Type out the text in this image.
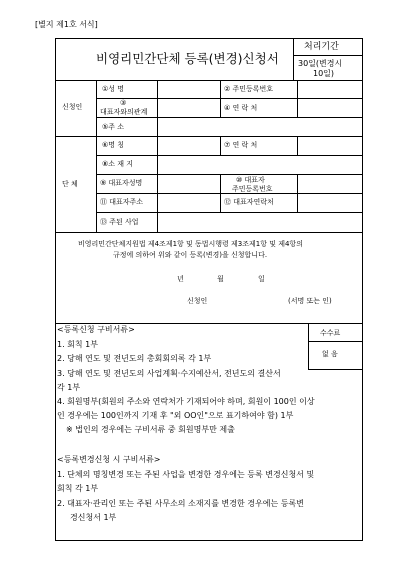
[별지 제1호 서식]
비영리민간단체 등록(변경)신청서
처리기간
30일(변경시
10일)
신청인
①성 명	② 주민등록번호
③
대표자와의관계	④ 연 락 처
⑤주 소
단 체
⑥명 칭	⑦ 연 락 처
⑧소 재 지
⑨ 대표자성명	⑩ 대표자
주민등록번호
⑪ 대표자주소	⑫ 대표자연락처
⑬ 주된 사업
비영리민간단체지원법 제4조제1항 및 동법시행령 제3조제1항 및 제4항의
규정에 의하여 위와 같이 등록(변경)을 신청합니다.
년	월	일
신청인	(서명 또는 인)
수수료
없 음
<등록신청 구비서류>
1. 회칙 1부
2. 당해 연도 및 전년도의 총회회의록 각 1부
3. 당해 연도 및 전년도의 사업계획·수지예산서, 전년도의 결산서
각 1부
4. 회원명부(회원의 주소와 연락처가 기재되어야 하며, 회원이 100인 이상
인 경우에는 100인까지 기재 후 "외 OO인"으로 표기하여야 함) 1부
※ 법인의 경우에는 구비서류 중 회원명부만 제출
<등록변경신청 시 구비서류>
1. 단체의 명칭변경 또는 주된 사업을 변경한 경우에는 등록 변경신청서 및
회칙 각 1부
2. 대표자·관리인 또는 주된 사무소의 소재지를 변경한 경우에는 등록변
경신청서 1부
